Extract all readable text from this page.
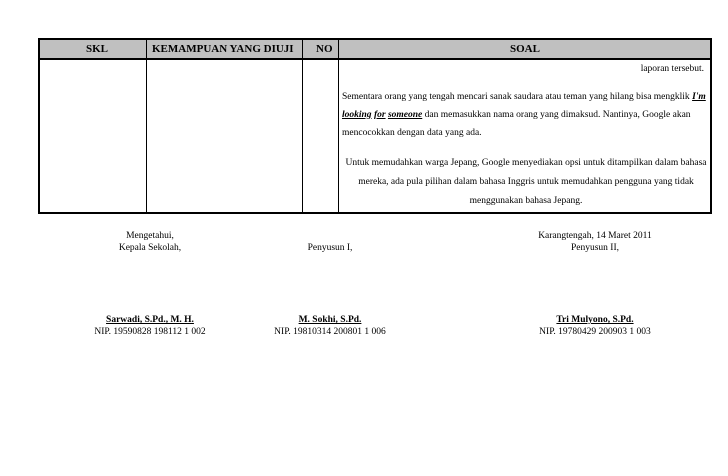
SKL	KEMAMPUAN YANG DIUJI NO	SOAL
laporan tersebut.
Sementara orang yang tengah mencari sanak saudara atau teman yang hilang bisa mengklik I'm
looking for someone dan memasukkan nama orang yang dimaksud. Nantinya, Google akan
mencocokkan dengan data yang ada.
Untuk memudahkan warga Jepang, Google menyediakan opsi untuk ditampilkan dalam bahasa
mereka, ada pula pilihan dalam bahasa Inggris untuk memudahkan pengguna yang tidak
menggunakan bahasa Jepang.
Mengetahui,
Kepala Sekolah,
Sarwadi, S.Pd., M. H.
NIP. 19590828 198112 1 002
Penyusun I,
M. Sokhi, S.Pd.
NIP. 19810314 200801 1 006
Karangtengah, 14 Maret 2011
Penyusun II,
Tri Mulyono, S.Pd.
NIP. 19780429 200903 1 003
